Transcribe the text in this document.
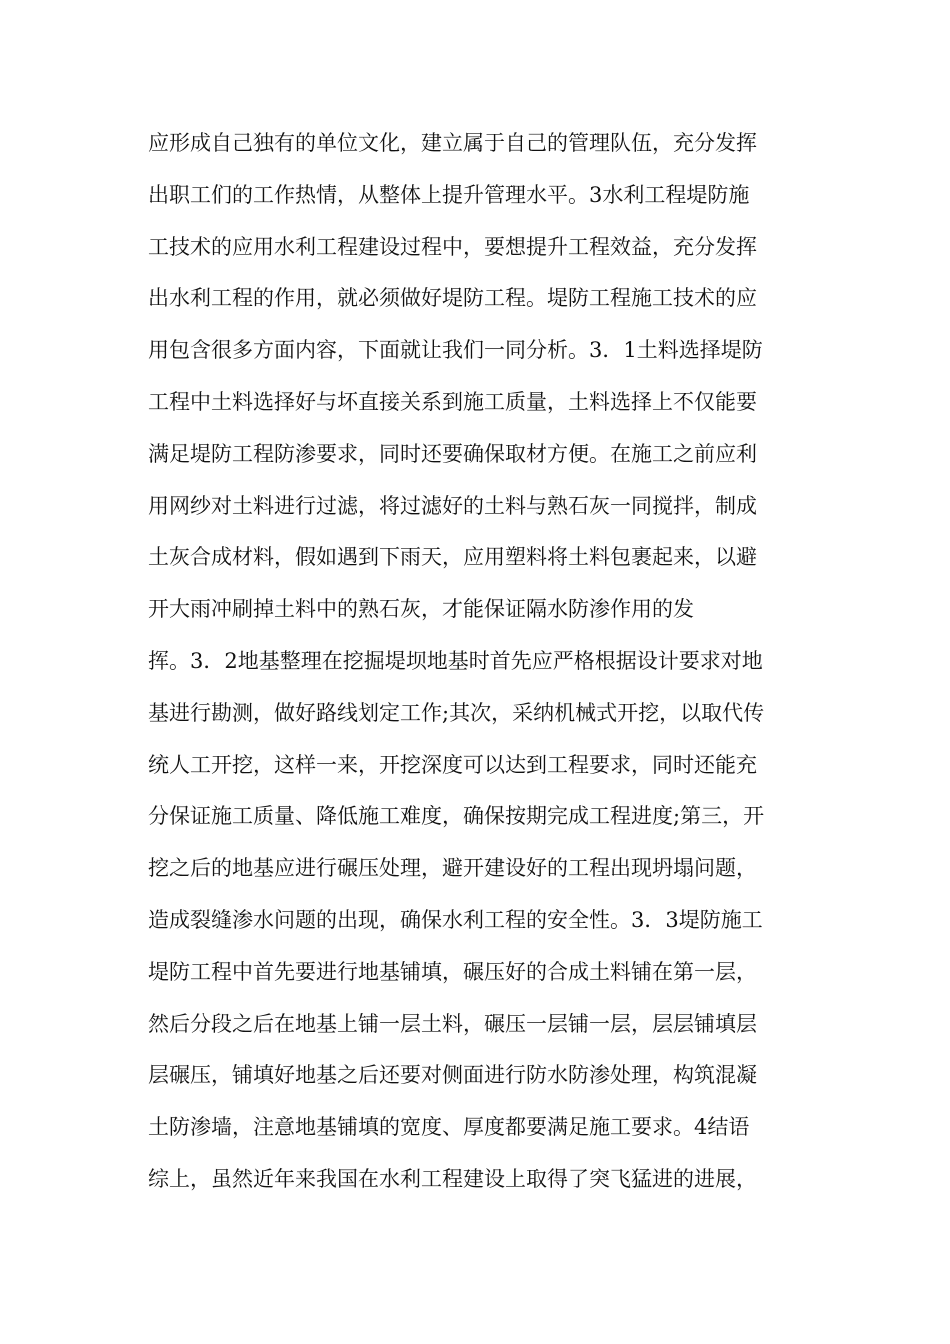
应形成自己独有的单位文化，建立属于自己的管理队伍，充分发挥
出职工们的工作热情，从整体上提升管理水平。3水利工程堤防施
工技术的应用水利工程建设过程中，要想提升工程效益，充分发挥
出水利工程的作用，就必须做好堤防工程。堤防工程施工技术的应
用包含很多方面内容，下面就让我们一同分析。3．1土料选择堤防
工程中土料选择好与坏直接关系到施工质量，土料选择上不仅能要
满足堤防工程防渗要求，同时还要确保取材方便。在施工之前应利
用网纱对土料进行过滤，将过滤好的土料与熟石灰一同搅拌，制成
土灰合成材料，假如遇到下雨天，应用塑料将土料包裹起来，以避
开大雨冲刷掉土料中的熟石灰，才能保证隔水防渗作用的发
挥。3．2地基整理在挖掘堤坝地基时首先应严格根据设计要求对地
基进行勘测，做好路线划定工作;其次，采纳机械式开挖，以取代传
统人工开挖，这样一来，开挖深度可以达到工程要求，同时还能充
分保证施工质量、降低施工难度，确保按期完成工程进度;第三，开
挖之后的地基应进行碾压处理，避开建设好的工程出现坍塌问题，
造成裂缝渗水问题的出现，确保水利工程的安全性。3．3堤防施工
堤防工程中首先要进行地基铺填，碾压好的合成土料铺在第一层，
然后分段之后在地基上铺一层土料，碾压一层铺一层，层层铺填层
层碾压，铺填好地基之后还要对侧面进行防水防渗处理，构筑混凝
土防渗墙，注意地基铺填的宽度、厚度都要满足施工要求。4结语
综上，虽然近年来我国在水利工程建设上取得了突飞猛进的进展，
